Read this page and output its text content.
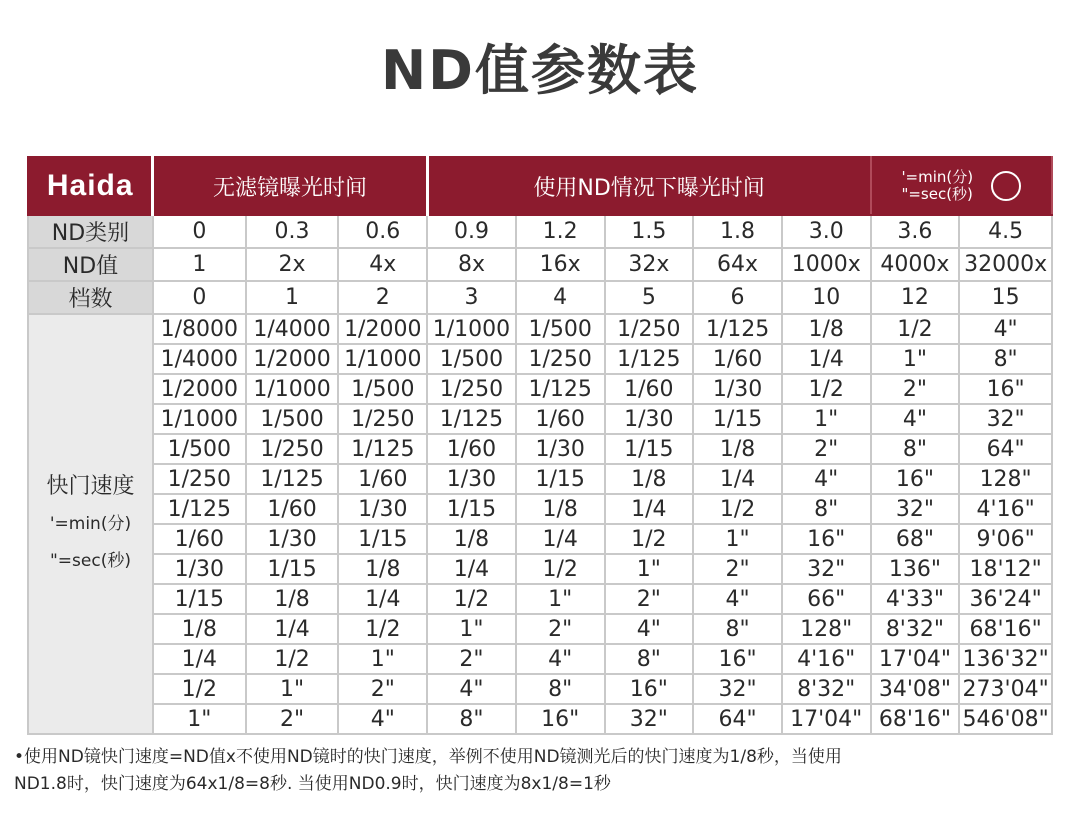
ND值参数表
Haida	无滤镜曝光时间			使用ND情况下曝光时间					'=min(分)
"=sec(秒)	
ND类别	0	0.3	0.6	0.9	1.2	1.5	1.8	3.0	3.6	4.5
ND值	1	2x	4x	8x	16x	32x	64x	1000x	4000x	32000x
档数	0	1	2	3	4	5	6	10	12	15
快门速度
'=min(分)
"=sec(秒)	1/8000	1/4000	1/2000	1/1000	1/500	1/250	1/125	1/8	1/2	4"
	1/4000	1/2000	1/1000	1/500	1/250	1/125	1/60	1/4	1"	8"
	1/2000	1/1000	1/500	1/250	1/125	1/60	1/30	1/2	2"	16"
	1/1000	1/500	1/250	1/125	1/60	1/30	1/15	1"	4"	32"
	1/500	1/250	1/125	1/60	1/30	1/15	1/8	2"	8"	64"
	1/250	1/125	1/60	1/30	1/15	1/8	1/4	4"	16"	128"
	1/125	1/60	1/30	1/15	1/8	1/4	1/2	8"	32"	4'16"
	1/60	1/30	1/15	1/8	1/4	1/2	1"	16"	68"	9'06"
	1/30	1/15	1/8	1/4	1/2	1"	2"	32"	136"	18'12"
	1/15	1/8	1/4	1/2	1"	2"	4"	66"	4'33"	36'24"
	1/8	1/4	1/2	1"	2"	4"	8"	128"	8'32"	68'16"
	1/4	1/2	1"	2"	4"	8"	16"	4'16"	17'04"	136'32"
	1/2	1"	2"	4"	8"	16"	32"	8'32"	34'08"	273'04"
	1"	2"	4"	8"	16"	32"	64"	17'04"	68'16"	546'08"
•使用ND镜快门速度=ND值x不使用ND镜时的快门速度，举例不使用ND镜测光后的快门速度为1/8秒，当使用
ND1.8时，快门速度为64x1/8=8秒. 当使用ND0.9时，快门速度为8x1/8=1秒
